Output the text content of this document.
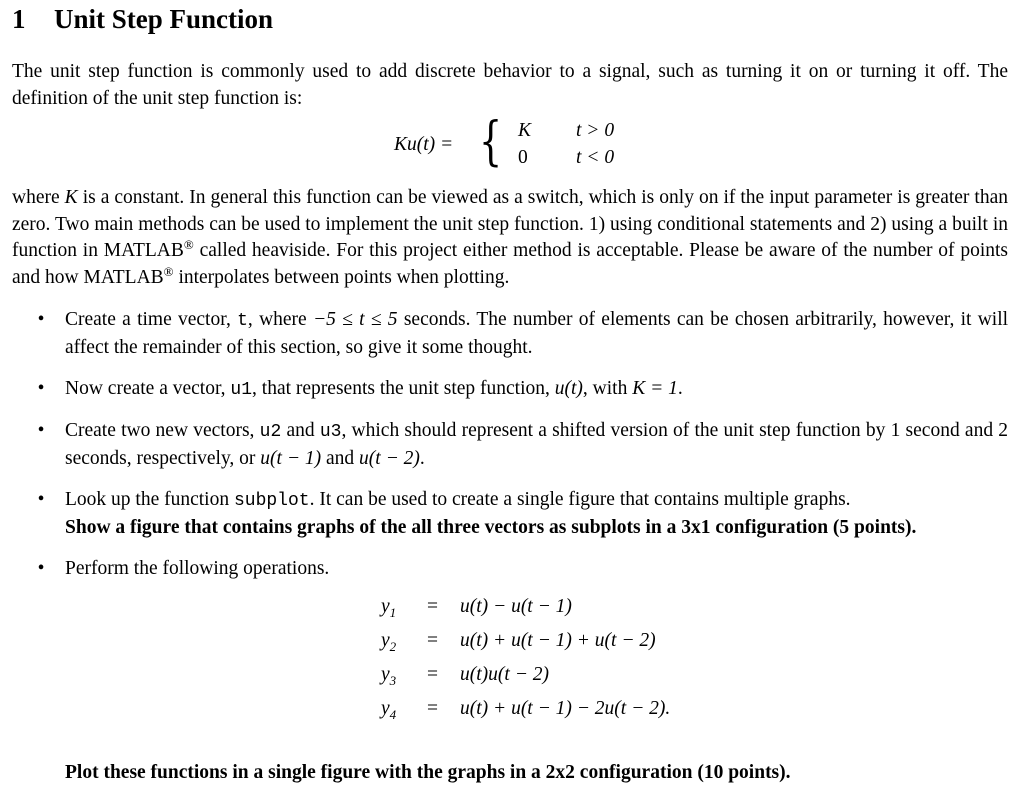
1 Unit Step Function
The unit step function is commonly used to add discrete behavior to a signal, such as turning it on or turning it off. The definition of the unit step function is:
Ku(t) = { K t > 0
0 t < 0
where K is a constant. In general this function can be viewed as a switch, which is only on if the input parameter is greater than zero. Two main methods can be used to implement the unit step function. 1) using conditional statements and 2) using a built in function in MATLAB® called heaviside. For this project either method is acceptable. Please be aware of the number of points and how MATLAB® interpolates between points when plotting.
• Create a time vector, t, where −5 ≤ t ≤ 5 seconds. The number of elements can be chosen arbitrarily, however, it will affect the remainder of this section, so give it some thought.
• Now create a vector, u1, that represents the unit step function, u(t), with K = 1.
• Create two new vectors, u2 and u3, which should represent a shifted version of the unit step function by 1 second and 2 seconds, respectively, or u(t − 1) and u(t − 2).
• Look up the function subplot. It can be used to create a single figure that contains multiple graphs.
Show a figure that contains graphs of the all three vectors as subplots in a 3x1 configuration (5 points).
• Perform the following operations.
$y_1$	= u(t) − u(t − 1)
$y_2$	= u(t) + u(t − 1) + u(t − 2)
$y_3$	= u(t)u(t − 2)
$y_4$	= u(t) + u(t − 1) − 2u(t − 2).
Plot these functions in a single figure with the graphs in a 2x2 configuration (10 points).
